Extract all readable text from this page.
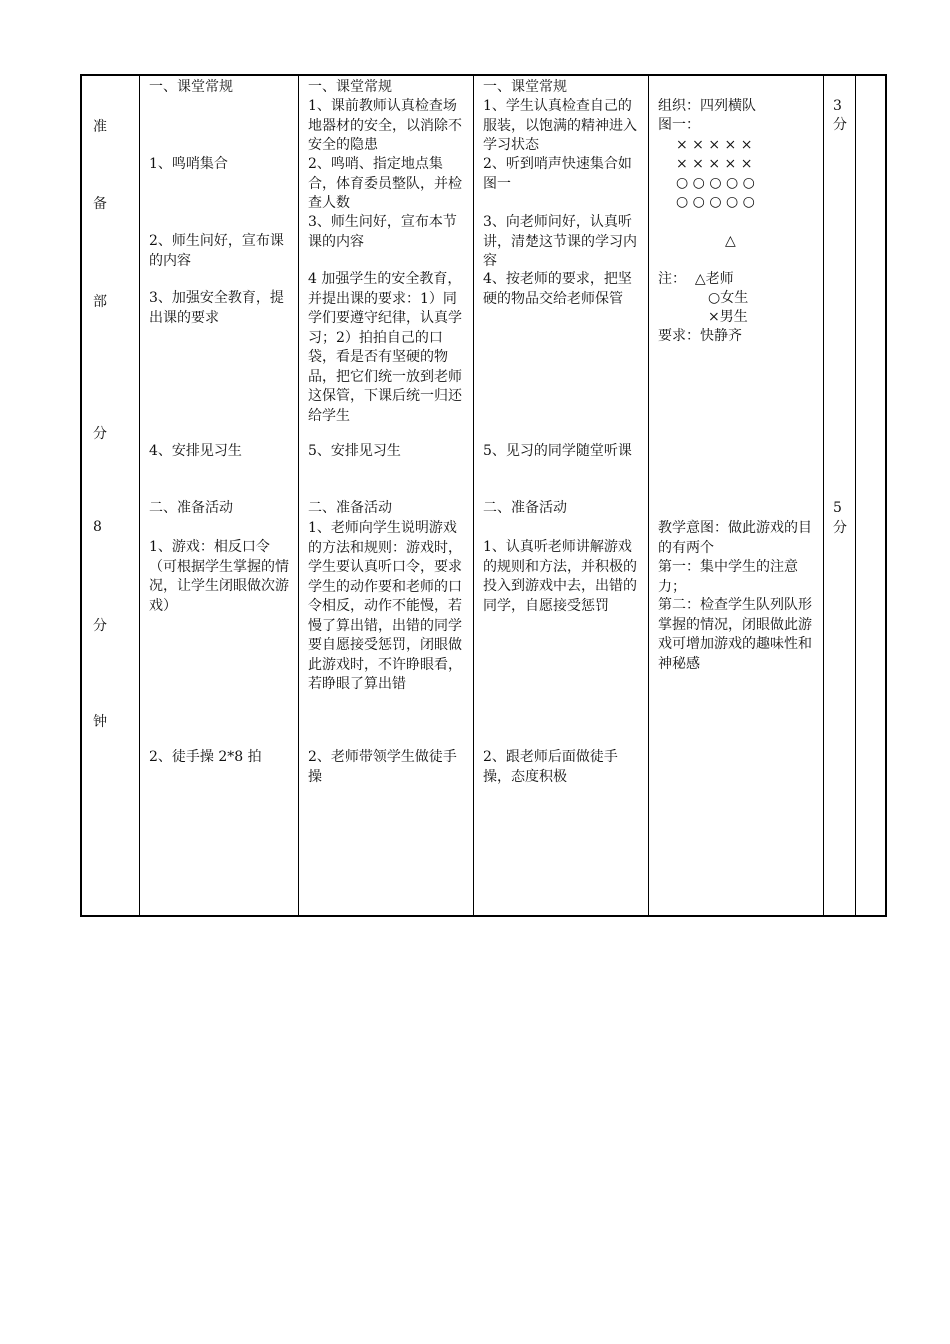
准
备
部
分
8
分
钟

一、课堂常规

1、鸣哨集合

2、师生问好，宣布课的内容

3、加强安全教育，提出课的要求

4、安排见习生

二、准备活动

1、游戏：相反口令（可根据学生掌握的情况，让学生闭眼做次游戏）

2、徒手操 2*8 拍

一、课堂常规

1、课前教师认真检查场地器材的安全，以消除不安全的隐患

2、鸣哨、指定地点集合，体育委员整队，并检查人数

3、师生问好，宣布本节课的内容

4 加强学生的安全教育，并提出课的要求：1）同学们要遵守纪律，认真学习；2）拍拍自己的口袋，看是否有坚硬的物品，把它们统一放到老师这保管，下课后统一归还给学生

5、安排见习生

二、准备活动

1、老师向学生说明游戏的方法和规则：游戏时，学生要认真听口令，要求学生的动作要和老师的口令相反，动作不能慢，若慢了算出错，出错的同学要自愿接受惩罚，闭眼做此游戏时，不许睁眼看，若睁眼了算出错

2、老师带领学生做徒手操

一、课堂常规

1、学生认真检查自己的服装，以饱满的精神进入学习状态

2、听到哨声快速集合如图一

3、向老师问好，认真听讲，清楚这节课的学习内容

4、按老师的要求，把坚硬的物品交给老师保管

5、见习的同学随堂听课

二、准备活动

1、认真听老师讲解游戏的规则和方法，并积极的投入到游戏中去，出错的同学，自愿接受惩罚

2、跟老师后面做徒手操，态度积极

组织：四列横队
图一：
× × × × ×
× × × × ×
○ ○ ○ ○ ○
○ ○ ○ ○ ○
△
注：  △老师
○女生
×男生
要求：快静齐

教学意图：做此游戏的目的有两个

第一：集中学生的注意力；

第二：检查学生队列队形掌握的情况，闭眼做此游戏可增加游戏的趣味性和神秘感

3
分
5
分
